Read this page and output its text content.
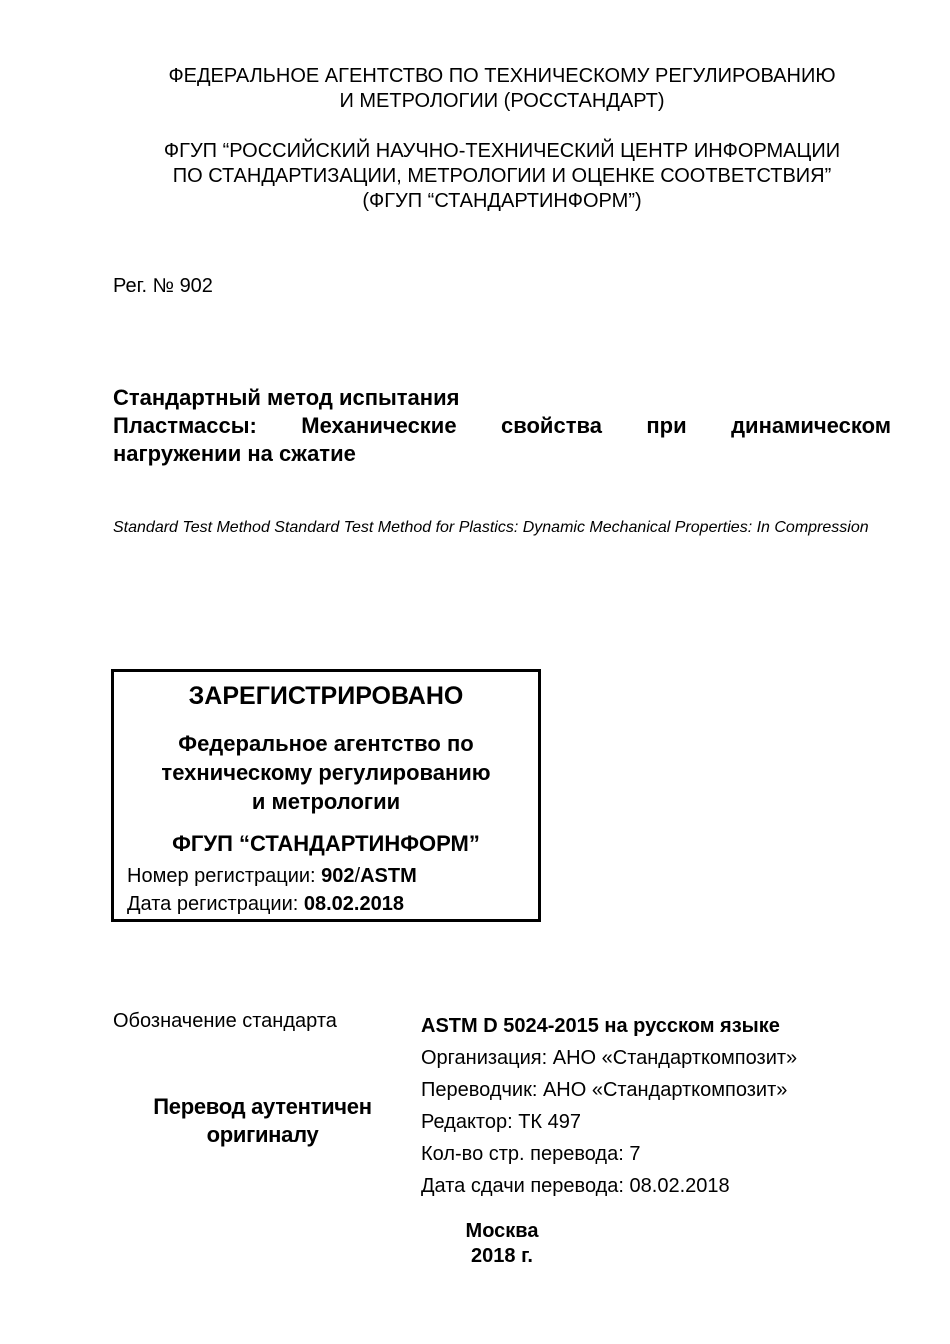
ФЕДЕРАЛЬНОЕ АГЕНТСТВО ПО ТЕХНИЧЕСКОМУ РЕГУЛИРОВАНИЮ
И МЕТРОЛОГИИ (РОССТАНДАРТ)
ФГУП “РОССИЙСКИЙ НАУЧНО-ТЕХНИЧЕСКИЙ ЦЕНТР ИНФОРМАЦИИ
ПО СТАНДАРТИЗАЦИИ, МЕТРОЛОГИИ И ОЦЕНКЕ СООТВЕТСТВИЯ”
(ФГУП “СТАНДАРТИНФОРМ”)
Рег. № 902
Стандартный метод испытания
Пластмассы: Механические свойства при динамическом
нагружении на сжатие
Standard Test Method Standard Test Method for Plastics: Dynamic Mechanical Properties: In Compression
ЗАРЕГИСТРИРОВАНО
Федеральное агентство по
техническому регулированию
и метрологии
ФГУП “СТАНДАРТИНФОРМ”
Номер регистрации: 902/ASTM
Дата регистрации: 08.02.2018
Обозначение стандарта
Перевод аутентичен
оригиналу
ASTM D 5024-2015 на русском языке
Организация: АНО «Стандарткомпозит»
Переводчик: АНО «Стандарткомпозит»
Редактор: ТК 497
Кол-во стр. перевода: 7
Дата сдачи перевода: 08.02.2018
Москва
2018 г.
